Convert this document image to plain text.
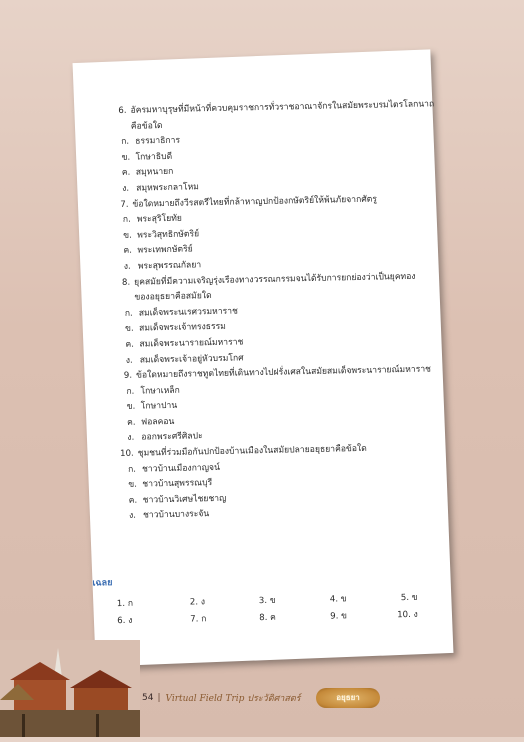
6. อัครมหาบุรุษที่มีหน้าที่ควบคุมราชการทั่วราชอาณาจักรในสมัยพระบรมไตรโลกนาถ
คือข้อใด
ก. ธรรมาธิการ
ข. โกษาธิบดี
ค. สมุหนายก
ง. สมุหพระกลาโหม
7. ข้อใดหมายถึงวีรสตรีไทยที่กล้าหาญปกป้องกษัตริย์ให้พ้นภัยจากศัตรู
ก. พระสุริโยทัย
ข. พระวิสุทธิกษัตริย์
ค. พระเทพกษัตริย์
ง. พระสุพรรณกัลยา
8. ยุคสมัยที่มีความเจริญรุ่งเรืองทางวรรณกรรมจนได้รับการยกย่องว่าเป็นยุคทอง
ของอยุธยาคือสมัยใด
ก. สมเด็จพระนเรศวรมหาราช
ข. สมเด็จพระเจ้าทรงธรรม
ค. สมเด็จพระนารายณ์มหาราช
ง. สมเด็จพระเจ้าอยู่หัวบรมโกศ
9. ข้อใดหมายถึงราชทูตไทยที่เดินทางไปฝรั่งเศสในสมัยสมเด็จพระนารายณ์มหาราช
ก. โกษาเหล็ก
ข. โกษาปาน
ค. ฟอลคอน
ง. ออกพระศรีศิลปะ
10. ชุมชนที่ร่วมมือกันปกป้องบ้านเมืองในสมัยปลายอยุธยาคือข้อใด
ก. ชาวบ้านเมืองกาญจน์
ข. ชาวบ้านสุพรรณบุรี
ค. ชาวบ้านวิเศษไชยชาญ
ง. ชาวบ้านบางระจัน
เฉลย
1. ก	2. ง	3. ข	4. ข	5. ข
6. ง	7. ก	8. ค	9. ข	10. ง
54 | Virtual Field Trip ประวัติศาสตร์	อยุธยา
